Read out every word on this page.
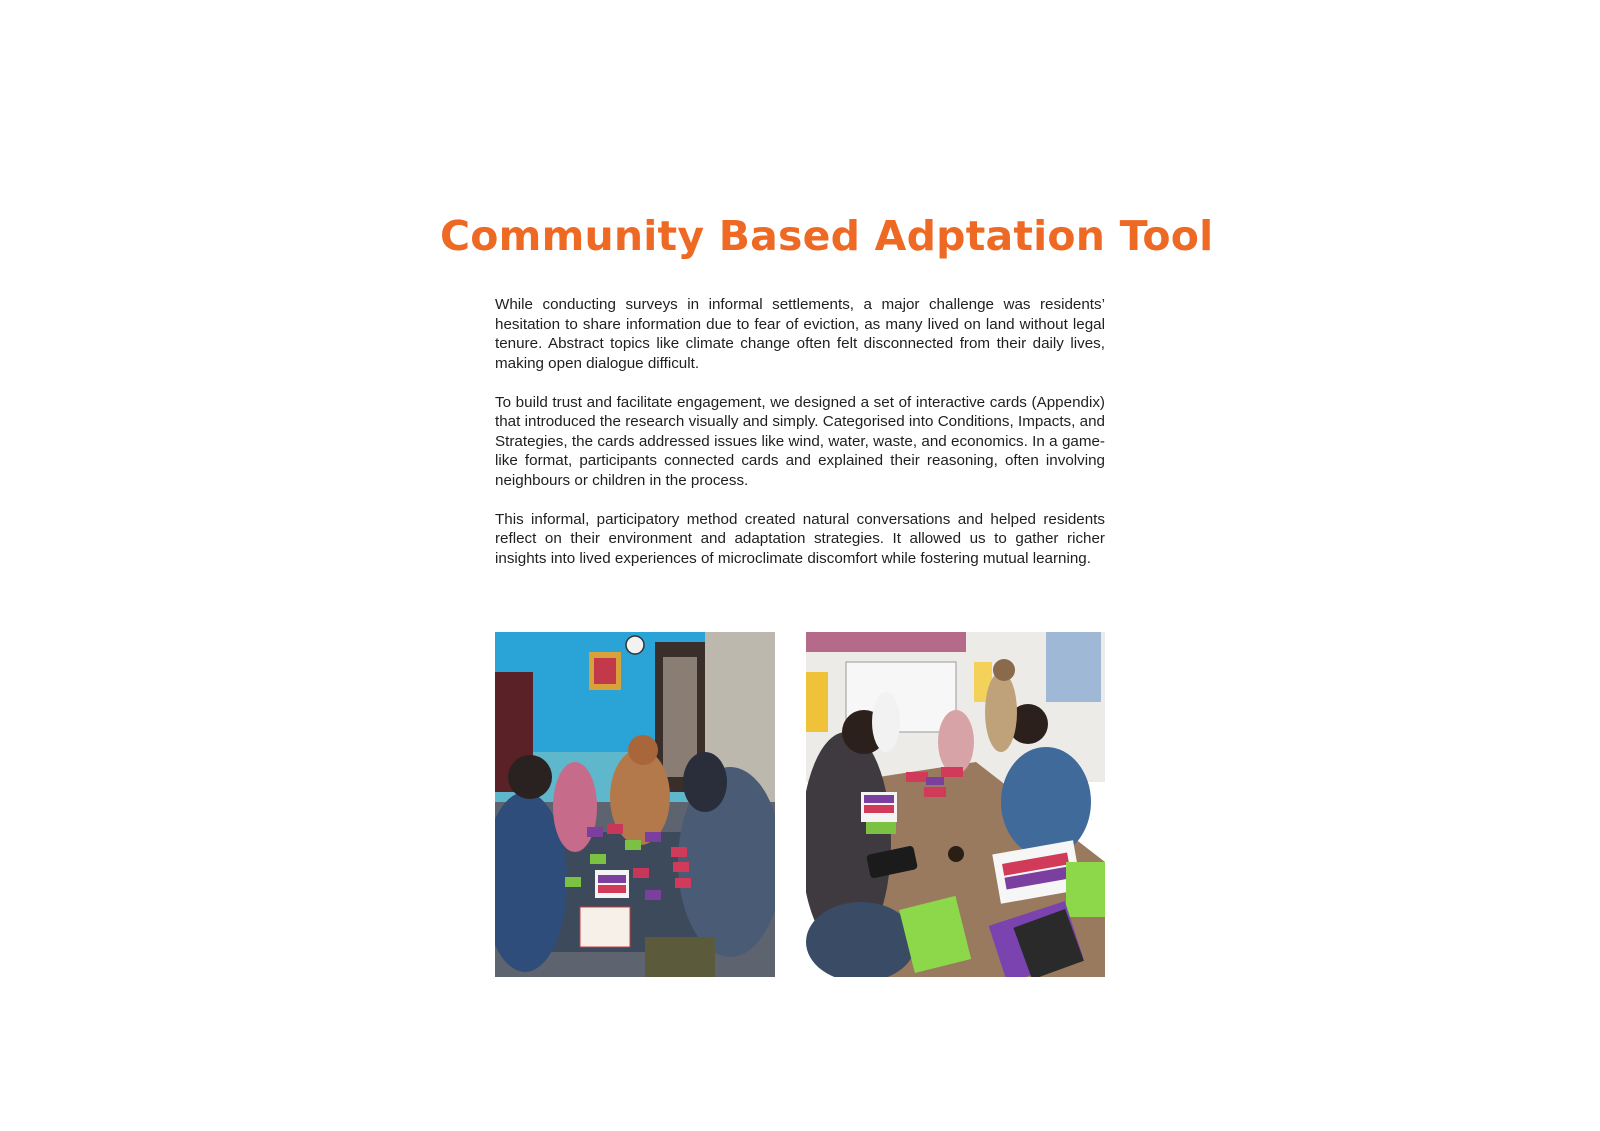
Community Based Adptation Tool

While conducting surveys in informal settlements, a major challenge was residents’ hesitation to share information due to fear of eviction, as many lived on land without legal tenure. Abstract topics like climate change often felt disconnected from their daily lives, making open dialogue difficult.

To build trust and facilitate engagement, we designed a set of interactive cards (Appendix) that introduced the research visually and simply. Categorised into Conditions, Impacts, and Strategies, the cards addressed issues like wind, water, waste, and economics. In a game-like format, participants connected cards and explained their reasoning, often involving neighbours or children in the process.

This informal, participatory method created natural conversations and helped residents reflect on their environment and adaptation strategies. It allowed us to gather richer insights into lived experiences of microclimate discomfort while fostering mutual learning.
